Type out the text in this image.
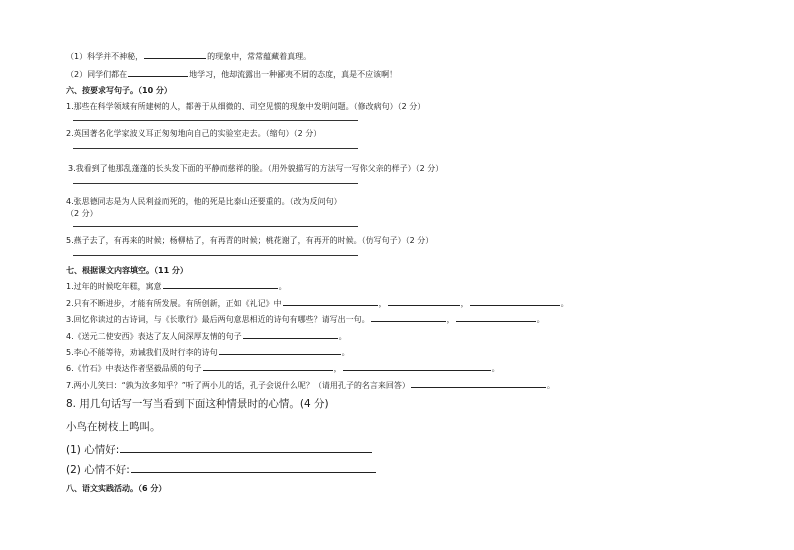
（1）科学并不神秘，	的现象中，常常蕴藏着真理。
（2）同学们都在	地学习，他却流露出一种鄙夷不屑的态度，真是不应该啊！
六、按要求写句子。（10 分）
1.那些在科学领域有所建树的人，都善于从细微的、司空见惯的现象中发明问题。（修改病句）（2 分）
2.英国著名化学家波义耳正匆匆地向自己的实验室走去。（缩句）（2 分）
3.我看到了他那乱蓬蓬的长头发下面的平静而慈祥的脸。（用外貌描写的方法写一写你父亲的样子）（2 分）
4.张思德同志是为人民利益而死的，他的死是比泰山还要重的。（改为反问句）
（2 分）
5.燕子去了，有再来的时候；杨柳枯了，有再青的时候；桃花谢了，有再开的时候。（仿写句子）（2 分）
七、根据课文内容填空。（11 分）
1.过年的时候吃年糕，寓意	。
2.只有不断进步，才能有所发展。有所创新，正如《礼记》中	，	，	。
3.回忆你读过的古诗词，与《长歌行》最后两句意思相近的诗句有哪些？请写出一句。	，	。
4.《送元二使安西》表达了友人间深厚友情的句子	。
5.李心不能等待，劝诫我们及时行李的诗句	。
6.《竹石》中表达作者坚毅品质的句子	，	。
7.两小儿笑曰：“孰为汝多知乎？”听了两小儿的话，孔子会说什么呢？（请用孔子的名言来回答）	。
8. 用几句话写一写当看到下面这种情景时的心情。(4 分)
小鸟在树枝上鸣叫。
(1) 心情好:
(2) 心情不好:
八、语文实践活动。（6 分）
